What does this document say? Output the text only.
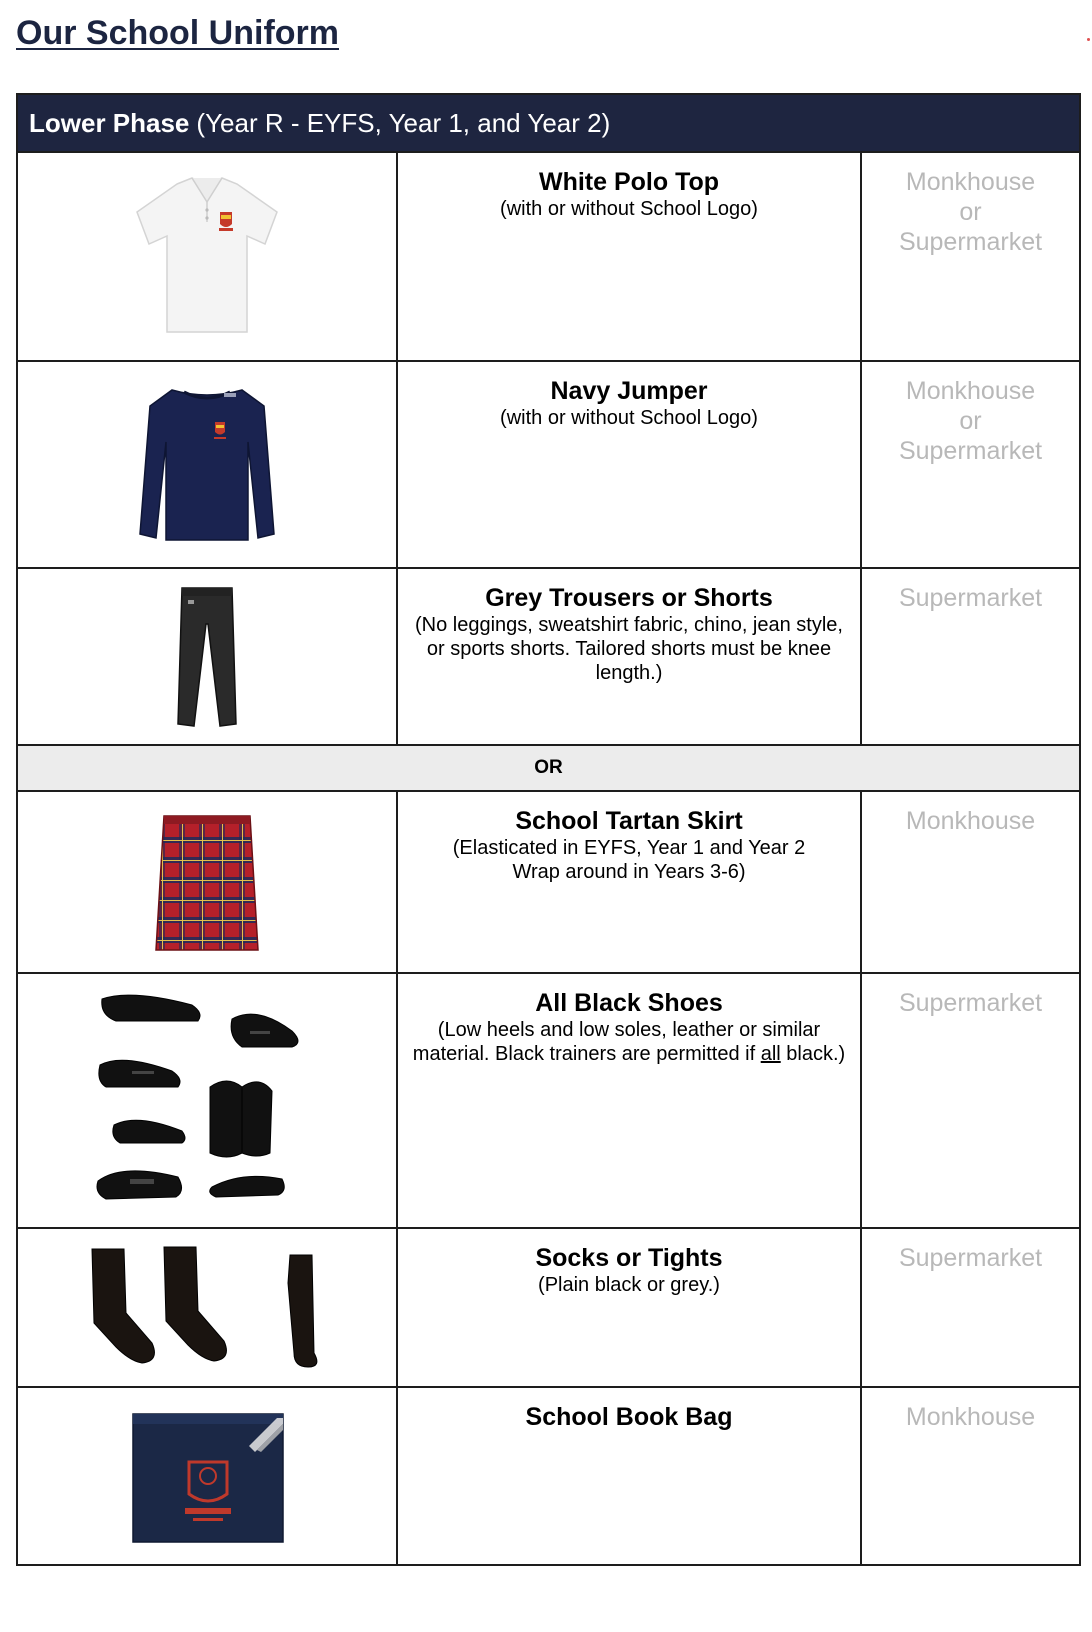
Our School Uniform
Lower Phase (Year R - EYFS, Year 1, and Year 2)
White Polo Top
(with or without School Logo)
Monkhouse
or
Supermarket
Navy Jumper
(with or without School Logo)
Monkhouse
or
Supermarket
Grey Trousers or Shorts
(No leggings, sweatshirt fabric, chino, jean style, or sports shorts. Tailored shorts must be knee length.)
Supermarket
OR
School Tartan Skirt
(Elasticated in EYFS, Year 1 and Year 2
Wrap around in Years 3-6)
Monkhouse
All Black Shoes
(Low heels and low soles, leather or similar material. Black trainers are permitted if all black.)
Supermarket
Socks or Tights
(Plain black or grey.)
Supermarket
School Book Bag	Monkhouse
